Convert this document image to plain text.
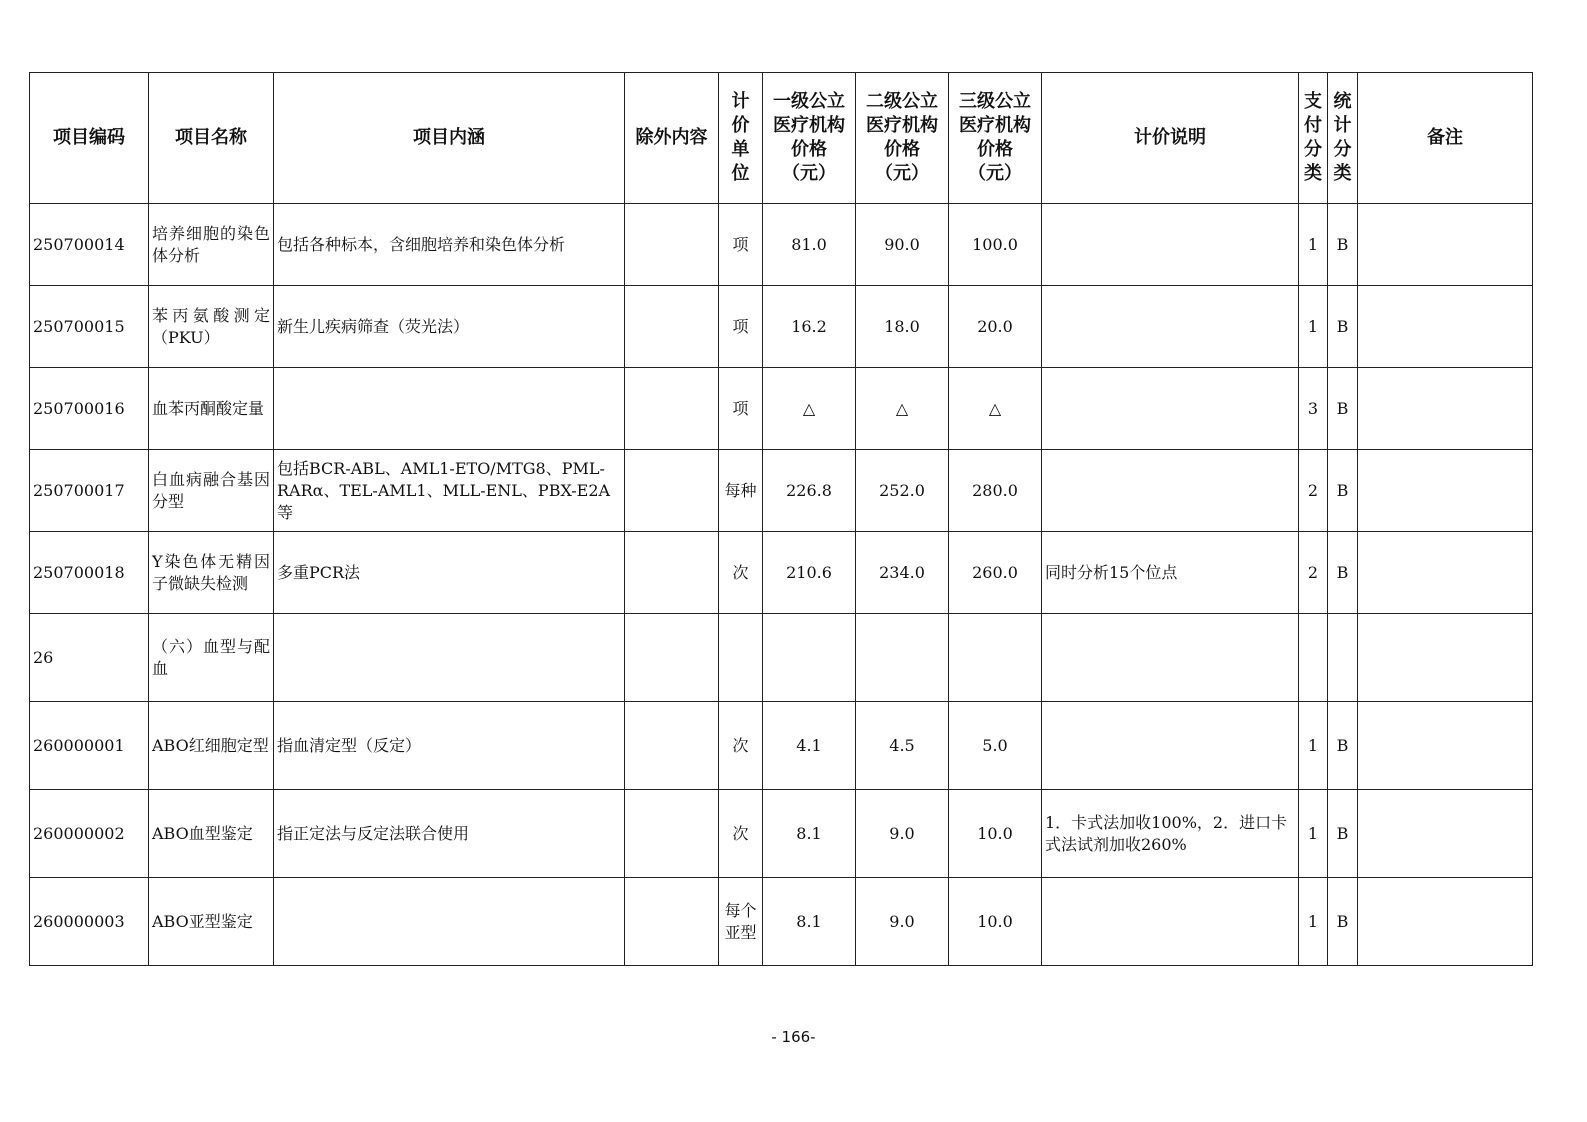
项目编码	项目名称	项目内涵	除外内容	计价单位	一级公立医疗机构价格（元）	二级公立医疗机构价格（元）	三级公立医疗机构价格（元）	计价说明	支付分类	统计分类	备注
250700014	培养细胞的染色体分析	包括各种标本，含细胞培养和染色体分析		项	81.0	90.0	100.0		1	B	
250700015	苯丙氨酸测定（PKU）	新生儿疾病筛查（荧光法）		项	16.2	18.0	20.0		1	B	
250700016	血苯丙酮酸定量			项	△	△	△		3	B	
250700017	白血病融合基因分型	包括BCR-ABL、AML1-ETO/MTG8、PML-RARα、TEL-AML1、MLL-ENL、PBX-E2A等		每种	226.8	252.0	280.0		2	B	
250700018	Y染色体无精因子微缺失检测	多重PCR法		次	210.6	234.0	260.0	同时分析15个位点	2	B	
26	（六）血型与配血										
260000001	ABO红细胞定型	指血清定型（反定）		次	4.1	4.5	5.0		1	B	
260000002	ABO血型鉴定	指正定法与反定法联合使用		次	8.1	9.0	10.0	1．卡式法加收100%，2．进口卡式法试剂加收260%	1	B	
260000003	ABO亚型鉴定			每个亚型	8.1	9.0	10.0		1	B	
- 166-
